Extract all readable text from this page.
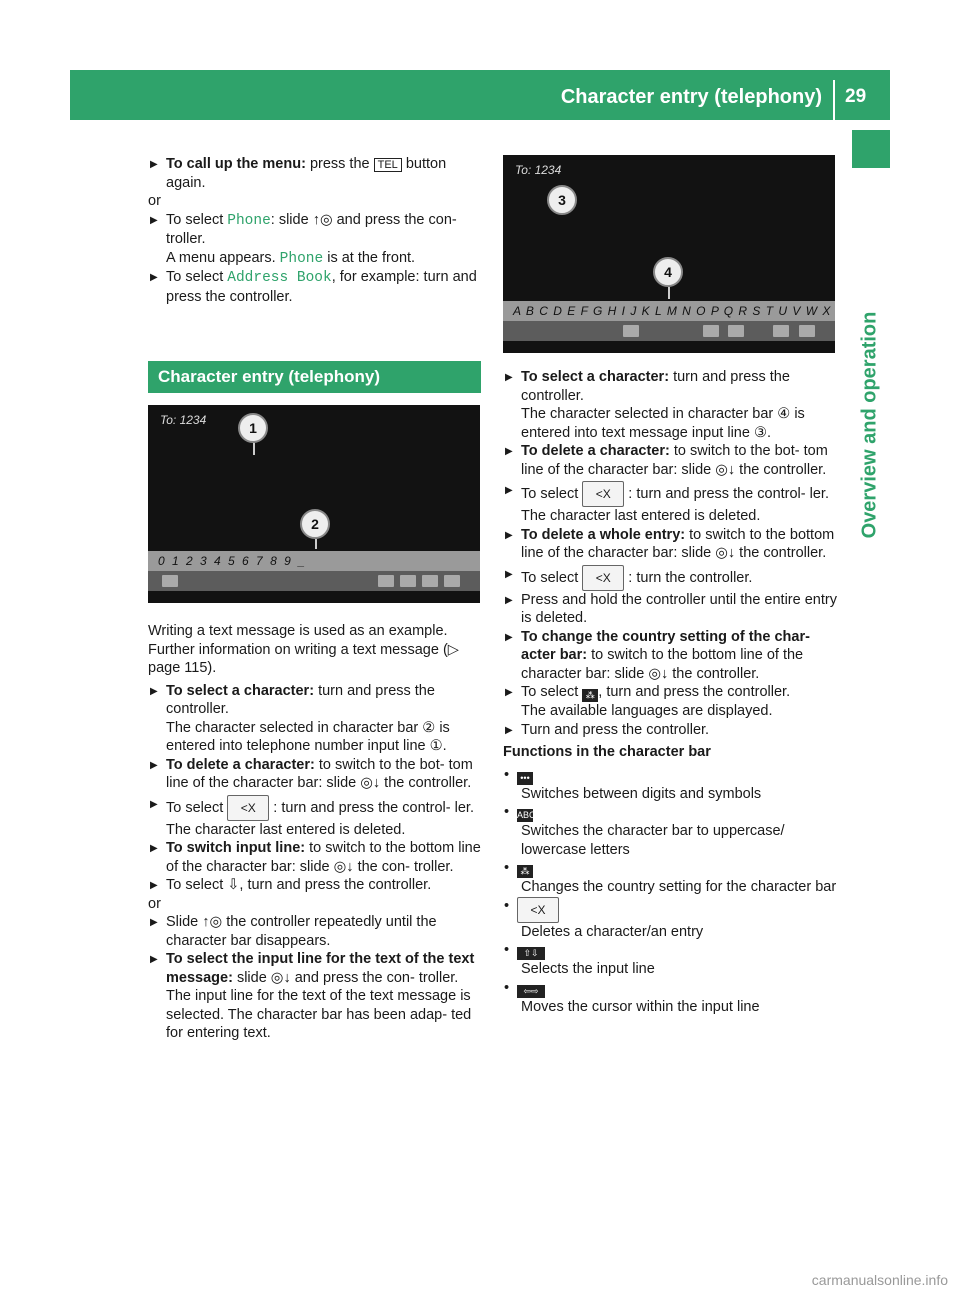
Character entry (telephony) 29
Overview and operation

▶ To call up the menu: press the TEL button again.

or

▶ To select Phone: slide ↑◎ and press the con- troller.

A menu appears. Phone is at the front.

▶ To select Address Book, for example: turn and press the controller.

Character entry (telephony)
To: 1234	1
2
0 1 2 3 4 5 6 7 8 9 _

Writing a text message is used as an example. Further information on writing a text message (▷ page 115).

▶ To select a character: turn and press the controller.

The character selected in character bar ② is entered into telephone number input line ①.

▶ To delete a character: to switch to the bot- tom line of the character bar: slide ◎↓ the controller.

▶ To select <X : turn and press the control- ler.

The character last entered is deleted.

▶ To switch input line: to switch to the bottom line of the character bar: slide ◎↓ the con- troller.

▶ To select ⇩, turn and press the controller.

or

▶ Slide ↑◎ the controller repeatedly until the character bar disappears.

▶ To select the input line for the text of the text message: slide ◎↓ and press the con- troller.

The input line for the text of the text message is selected. The character bar has been adap- ted for entering text.

To: 1234
3
4
A B C D E F G H I J K L M N O P Q R S T U V W X

▶ To select a character: turn and press the controller.

The character selected in character bar ④ is entered into text message input line ③.

▶ To delete a character: to switch to the bot- tom line of the character bar: slide ◎↓ the controller.

▶ To select <X : turn and press the control- ler.

The character last entered is deleted.

▶ To delete a whole entry: to switch to the bottom line of the character bar: slide ◎↓ the controller.

▶ To select <X : turn the controller.

▶ Press and hold the controller until the entire entry is deleted.

▶ To change the country setting of the char- acter bar: to switch to the bottom line of the character bar: slide ◎↓ the controller.

▶ To select ⁂ , turn and press the controller.

The available languages are displayed.

▶ Turn and press the controller.

Functions in the character bar

• •••

Switches between digits and symbols

• ABC

Switches the character bar to uppercase/ lowercase letters

• ⁂

Changes the country setting for the character bar

• <X

Deletes a character/an entry

• ⇧⇩

Selects the input line

• ⇦⇨

Moves the cursor within the input line

carmanualsonline.info
